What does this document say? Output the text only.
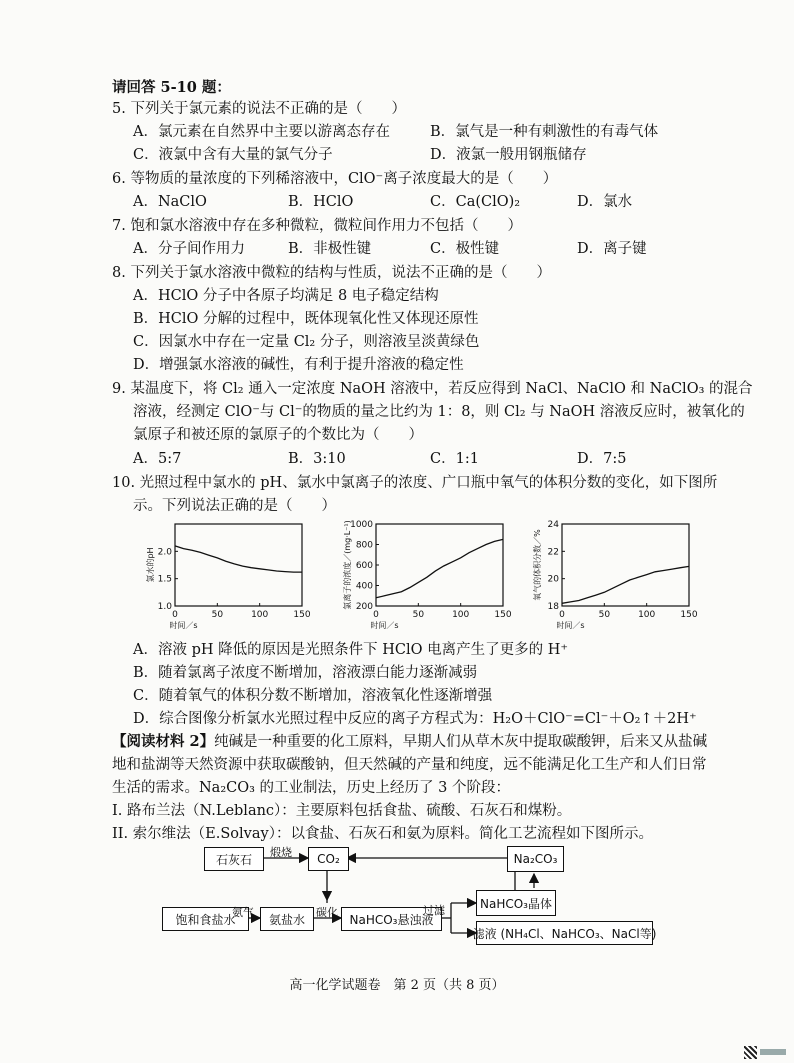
请回答 5-10 题：
5. 下列关于氯元素的说法不正确的是（　　）
A．氯元素在自然界中主要以游离态存在	B．氯气是一种有刺激性的有毒气体
C．液氯中含有大量的氯气分子	D．液氯一般用钢瓶储存
6. 等物质的量浓度的下列稀溶液中，ClO⁻离子浓度最大的是（　　）
A．NaClO	B．HClO	C．Ca(ClO)₂	D．氯水
7. 饱和氯水溶液中存在多种微粒，微粒间作用力不包括（　　）
A．分子间作用力	B．非极性键	C．极性键	D．离子键
8. 下列关于氯水溶液中微粒的结构与性质，说法不正确的是（　　）
A．HClO 分子中各原子均满足 8 电子稳定结构
B．HClO 分解的过程中，既体现氧化性又体现还原性
C．因氯水中存在一定量 Cl₂ 分子，则溶液呈淡黄绿色
D．增强氯水溶液的碱性，有利于提升溶液的稳定性
9. 某温度下，将 Cl₂ 通入一定浓度 NaOH 溶液中，若反应得到 NaCl、NaClO 和 NaClO₃ 的混合
溶液，经测定 ClO⁻与 Cl⁻的物质的量之比约为 1：8，则 Cl₂ 与 NaOH 溶液反应时，被氧化的
氯原子和被还原的氯原子的个数比为（　　）
A．5:7	B．3:10	C．1:1	D．7:5
10. 光照过程中氯水的 pH、氯水中氯离子的浓度、广口瓶中氧气的体积分数的变化，如下图所
示。下列说法正确的是（　　）
0	50	100	150
1.0
1.5
2.0
时间／s
氯水的pH
0	50	100	150
200
400
600
800
1000
时间／s
氯离子的浓度／(mg·L⁻¹)
0	50	100	150
18
20
22
24
时间／s
氧气的体积分数／%
A．溶液 pH 降低的原因是光照条件下 HClO 电离产生了更多的 H⁺
B．随着氯离子浓度不断增加，溶液漂白能力逐渐减弱
C．随着氧气的体积分数不断增加，溶液氧化性逐渐增强
D．综合图像分析氯水光照过程中反应的离子方程式为：H₂O＋ClO⁻=Cl⁻＋O₂↑＋2H⁺
【阅读材料 2】纯碱是一种重要的化工原料，早期人们从草木灰中提取碳酸钾，后来又从盐碱
地和盐湖等天然资源中获取碳酸钠，但天然碱的产量和纯度，远不能满足化工生产和人们日常
生活的需求。Na₂CO₃ 的工业制法，历史上经历了 3 个阶段：
I. 路布兰法（N.Leblanc）：主要原料包括食盐、硫酸、石灰石和煤粉。
II. 索尔维法（E.Solvay）：以食盐、石灰石和氨为原料。简化工艺流程如下图所示。
石灰石	煅烧	CO₂	Na₂CO₃
饱和食盐水
氨气	氨盐水	碳化 NaHCO₃悬浊液
过滤	NaHCO₃晶体
滤液 (NH₄Cl、NaHCO₃、NaCl等)
高一化学试题卷　第 2 页（共 8 页）
